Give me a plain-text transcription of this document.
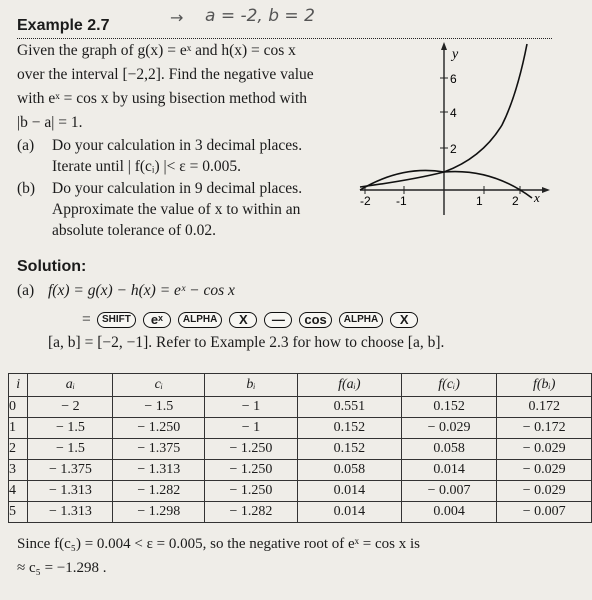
Example 2.7	a = -2, b = 2
→
Given the graph of g(x) = eˣ and h(x) = cos x
over the interval [−2,2]. Find the negative value
with eˣ = cos x by using bisection method with
|b − a| = 1.
(a) Do your calculation in 3 decimal places.
Iterate until | f(cᵢ) |< ε = 0.005.
(b) Do your calculation in 9 decimal places.
Approximate the value of x to within an
absolute tolerance of 0.02.
y
x
6
4
2
-2 -1	1 2
Solution:
(a) f(x) = g(x) − h(x) = eˣ − cos x
=	SHIFT eˣ ALPHA X — cos ALPHA X
[a, b] = [−2, −1]. Refer to Example 2.3 for how to choose [a, b].
i	aᵢ	cᵢ	bᵢ	f(aᵢ)	f(cᵢ)	f(bᵢ)
0	− 2	− 1.5	− 1	0.551	0.152	0.172
1	− 1.5	− 1.250	− 1	0.152	− 0.029	− 0.172
2	− 1.5	− 1.375	− 1.250	0.152	0.058	− 0.029
3	− 1.375	− 1.313	− 1.250	0.058	0.014	− 0.029
4	− 1.313	− 1.282	− 1.250	0.014	− 0.007	− 0.029
5	− 1.313	− 1.298	− 1.282	0.014	0.004	− 0.007
Since f(c₅) = 0.004 < ε = 0.005, so the negative root of eˣ = cos x is
≈ c₅ = −1.298 .
